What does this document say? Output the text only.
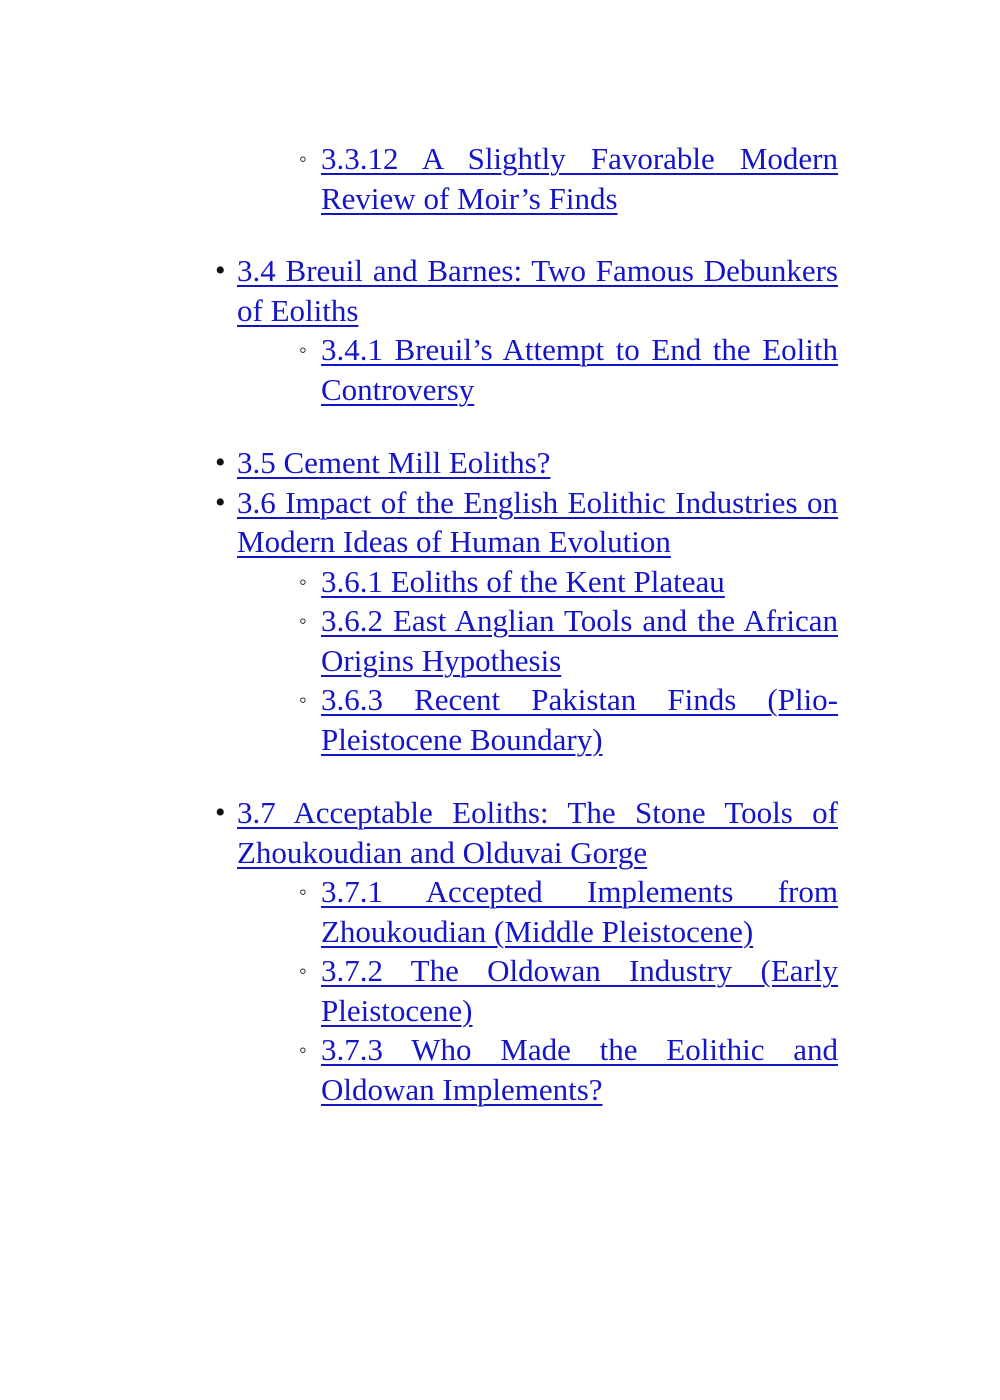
◦ 3.3.12 A Slightly Favorable Modern Review of Moir’s Finds
• 3.4 Breuil and Barnes: Two Famous Debunkers of Eoliths
◦ 3.4.1 Breuil’s Attempt to End the Eolith Controversy
• 3.5 Cement Mill Eoliths?
• 3.6 Impact of the English Eolithic Industries on Modern Ideas of Human Evolution
◦ 3.6.1 Eoliths of the Kent Plateau
◦ 3.6.2 East Anglian Tools and the African Origins Hypothesis
◦ 3.6.3 Recent Pakistan Finds (Plio-Pleistocene Boundary)
• 3.7 Acceptable Eoliths: The Stone Tools of Zhoukoudian and Olduvai Gorge
◦ 3.7.1 Accepted Implements from Zhoukoudian (Middle Pleistocene)
◦ 3.7.2 The Oldowan Industry (Early Pleistocene)
◦ 3.7.3 Who Made the Eolithic and Oldowan Implements?
